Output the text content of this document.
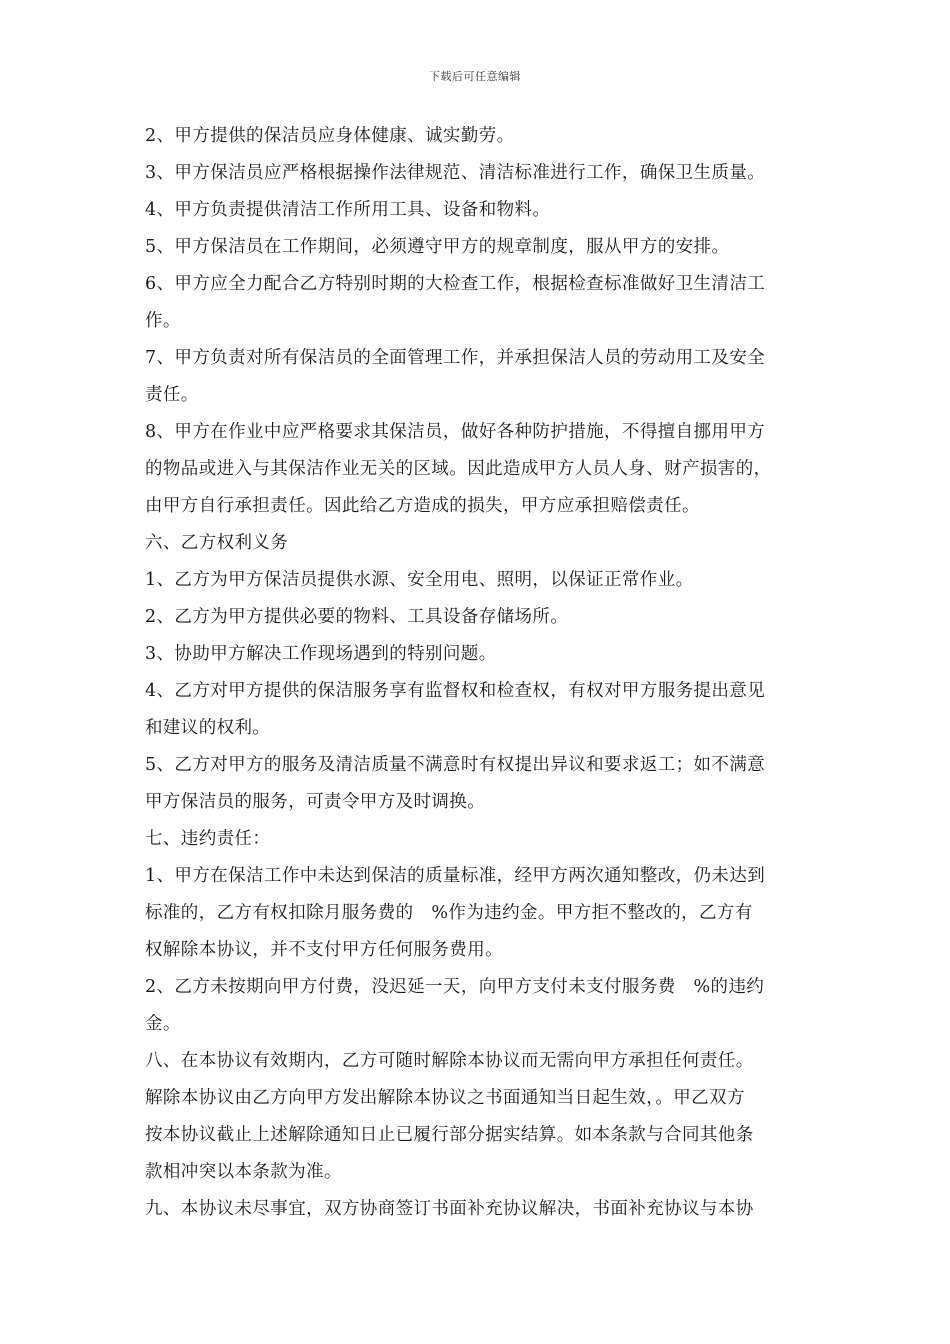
下载后可任意编辑
2、甲方提供的保洁员应身体健康、诚实勤劳。
3、甲方保洁员应严格根据操作法律规范、清洁标准进行工作，确保卫生质量。
4、甲方负责提供清洁工作所用工具、设备和物料。
5、甲方保洁员在工作期间，必须遵守甲方的规章制度，服从甲方的安排。
6、甲方应全力配合乙方特别时期的大检查工作，根据检查标准做好卫生清洁工
作。
7、甲方负责对所有保洁员的全面管理工作，并承担保洁人员的劳动用工及安全
责任。
8、甲方在作业中应严格要求其保洁员，做好各种防护措施，不得擅自挪用甲方
的物品或进入与其保洁作业无关的区域。因此造成甲方人员人身、财产损害的，
由甲方自行承担责任。因此给乙方造成的损失，甲方应承担赔偿责任。
六、乙方权利义务
1、乙方为甲方保洁员提供水源、安全用电、照明，以保证正常作业。
2、乙方为甲方提供必要的物料、工具设备存储场所。
3、协助甲方解决工作现场遇到的特别问题。
4、乙方对甲方提供的保洁服务享有监督权和检查权，有权对甲方服务提出意见
和建议的权利。
5、乙方对甲方的服务及清洁质量不满意时有权提出异议和要求返工；如不满意
甲方保洁员的服务，可责令甲方及时调换。
七、违约责任：
1、甲方在保洁工作中未达到保洁的质量标准，经甲方两次通知整改，仍未达到
标准的，乙方有权扣除月服务费的　%作为违约金。甲方拒不整改的，乙方有
权解除本协议，并不支付甲方任何服务费用。
2、乙方未按期向甲方付费，没迟延一天，向甲方支付未支付服务费　%的违约
金。
八、在本协议有效期内，乙方可随时解除本协议而无需向甲方承担任何责任。
解除本协议由乙方向甲方发出解除本协议之书面通知当日起生效，。甲乙双方
按本协议截止上述解除通知日止已履行部分据实结算。如本条款与合同其他条
款相冲突以本条款为准。
九、本协议未尽事宜，双方协商签订书面补充协议解决，书面补充协议与本协
